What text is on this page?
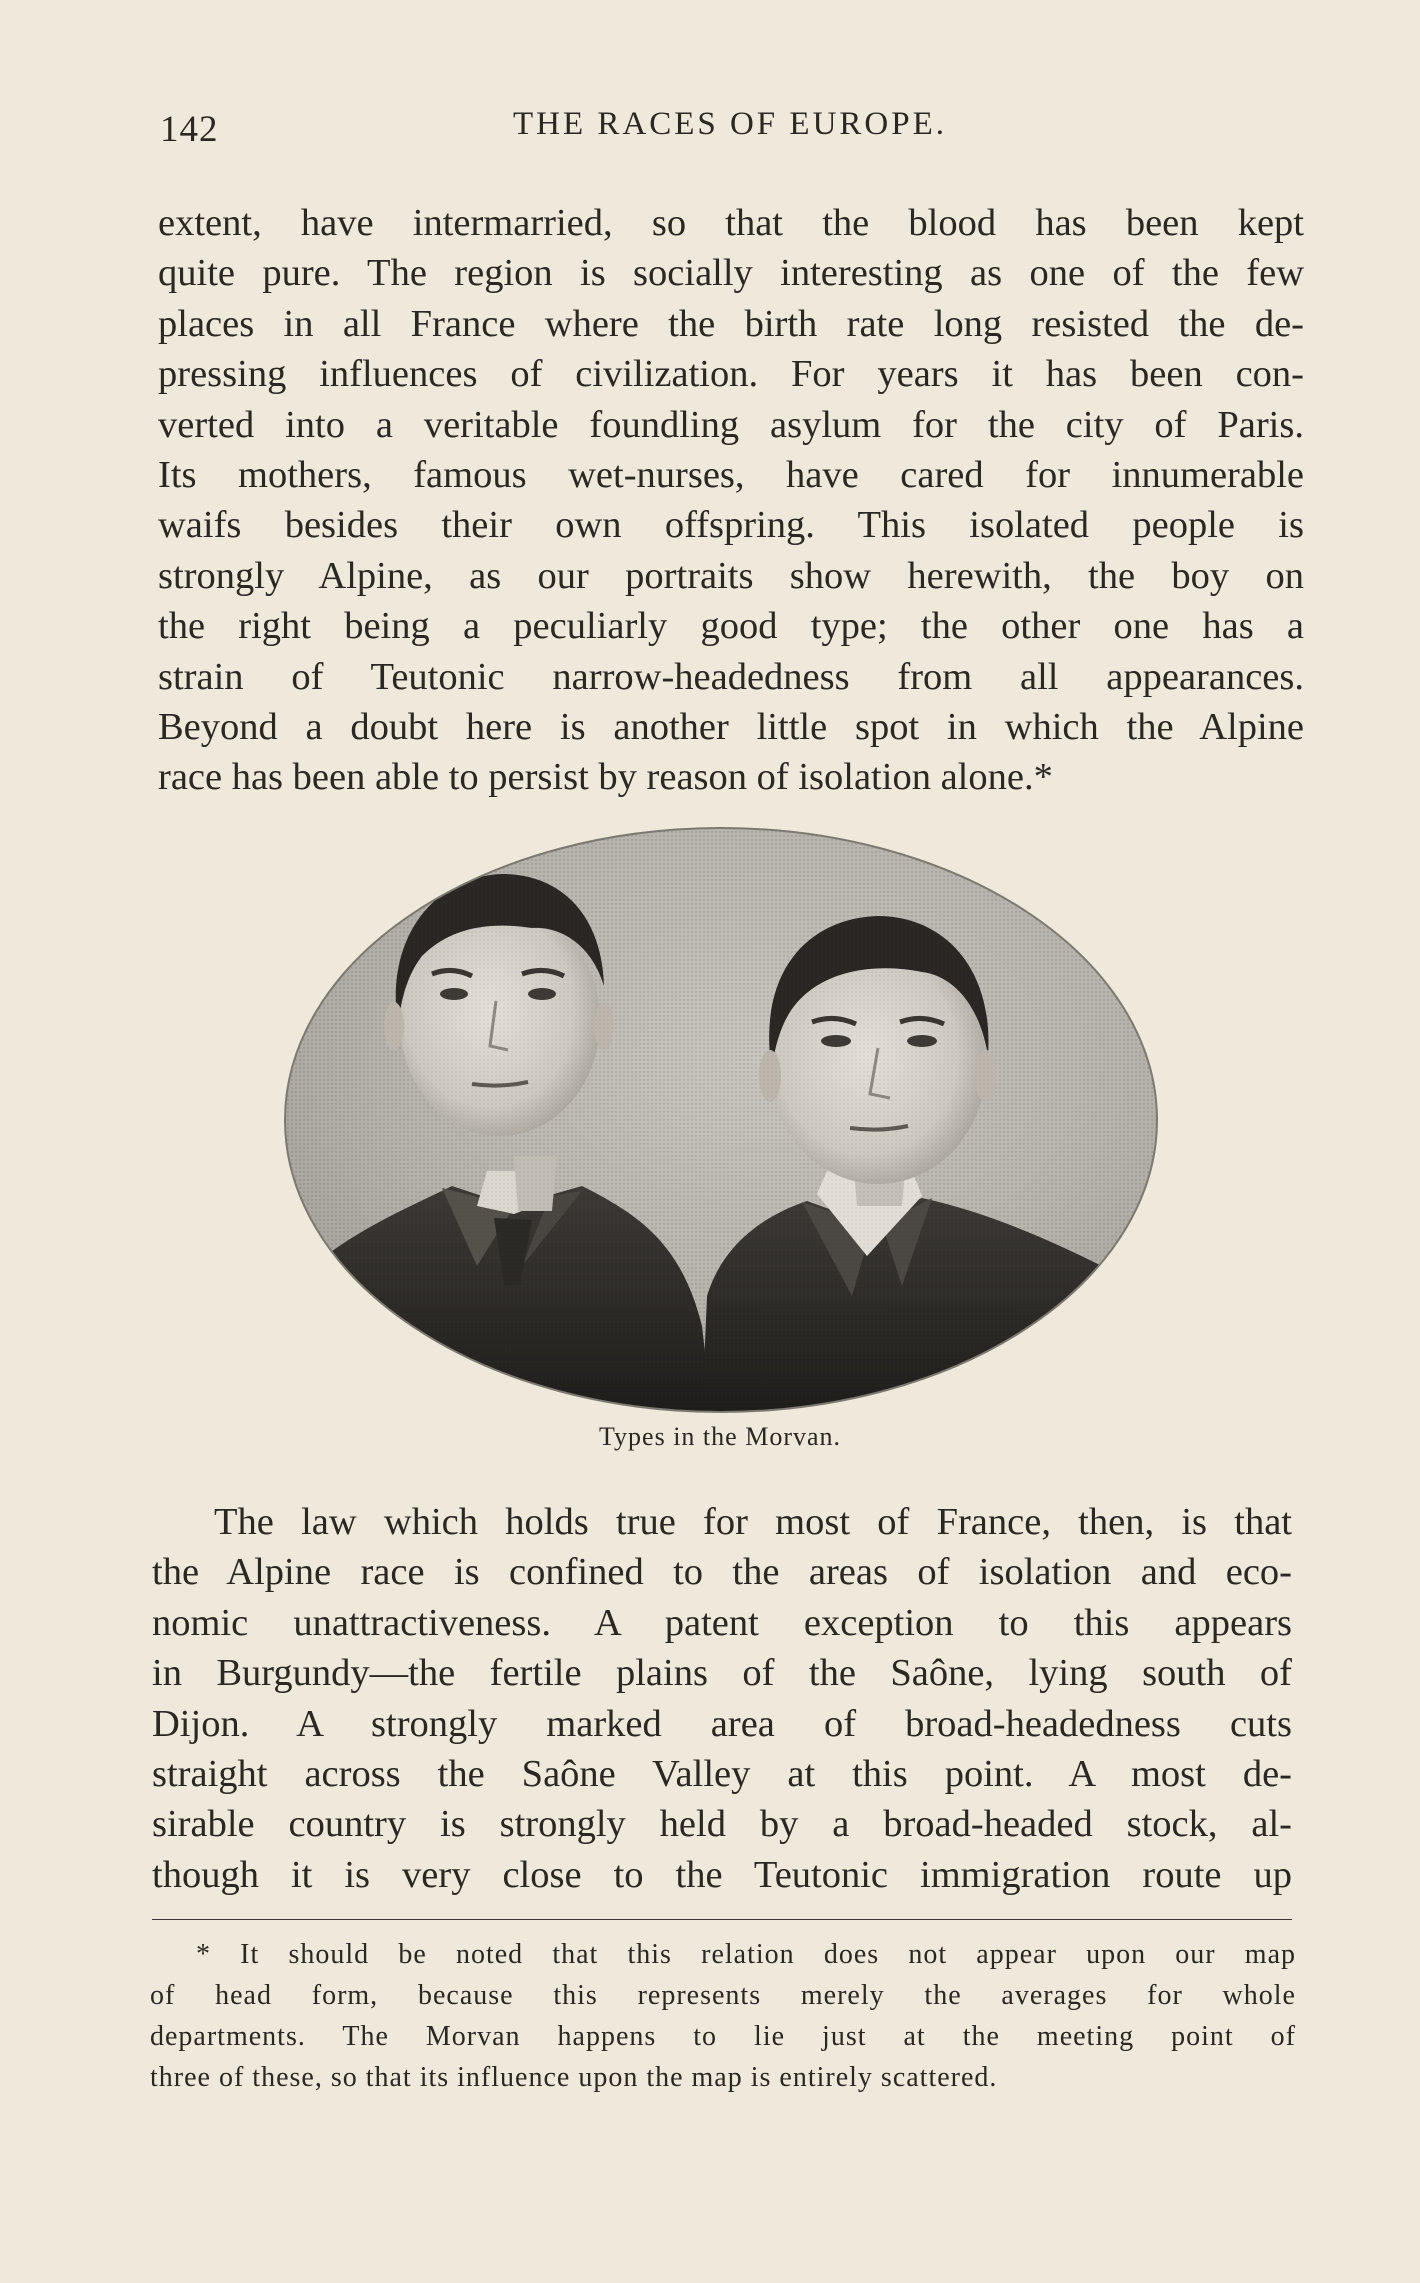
142	THE RACES OF EUROPE.

extent, have intermarried, so that the blood has been kept
quite pure. The region is socially interesting as one of the few
places in all France where the birth rate long resisted the de-
pressing influences of civilization. For years it has been con-
verted into a veritable foundling asylum for the city of Paris.
Its mothers, famous wet-nurses, have cared for innumerable
waifs besides their own offspring. This isolated people is
strongly Alpine, as our portraits show herewith, the boy on
the right being a peculiarly good type; the other one has a
strain of Teutonic narrow-headedness from all appearances.
Beyond a doubt here is another little spot in which the Alpine
race has been able to persist by reason of isolation alone.*

Types in the Morvan.

The law which holds true for most of France, then, is that
the Alpine race is confined to the areas of isolation and eco-
nomic unattractiveness. A patent exception to this appears
in Burgundy—the fertile plains of the Saône, lying south of
Dijon. A strongly marked area of broad-headedness cuts
straight across the Saône Valley at this point. A most de-
sirable country is strongly held by a broad-headed stock, al-
though it is very close to the Teutonic immigration route up

* It should be noted that this relation does not appear upon our map
of head form, because this represents merely the averages for whole
departments. The Morvan happens to lie just at the meeting point of
three of these, so that its influence upon the map is entirely scattered.
